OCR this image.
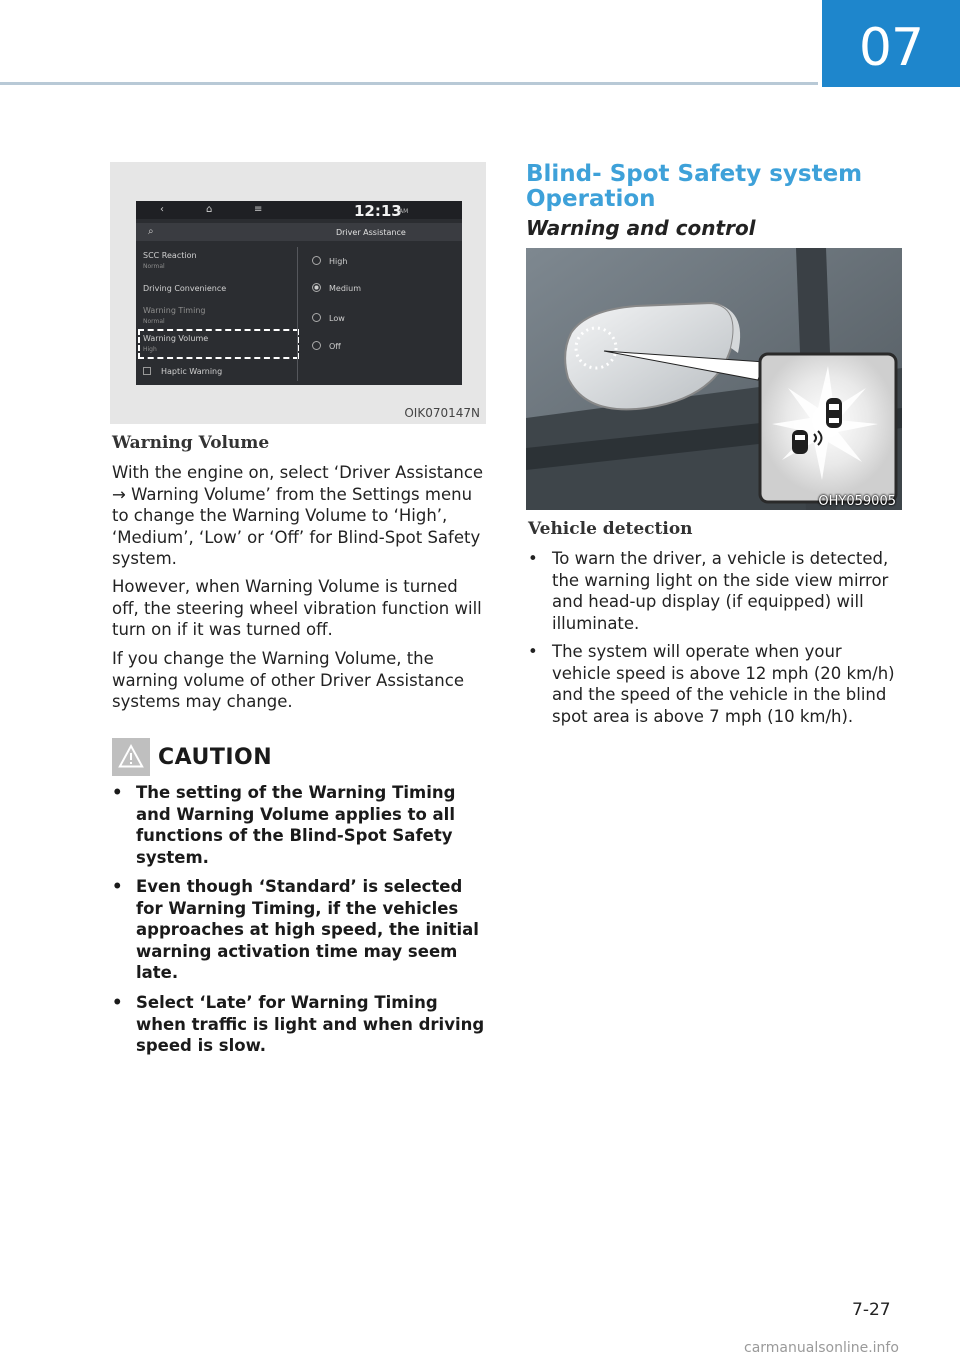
07
‹	⌂	≡	12:13
AM
⌕	Driver Assistance
SCC Reaction
Normal
Driving Convenience
Warning Timing
Normal
Warning Volume
High
Haptic Warning
High
Medium
Low
Off
OIK070147N
Warning Volume

With the engine on, select ‘Driver Assistance → Warning Volume’ from the Settings menu to change the Warning Volume to ‘High’, ‘Medium’, ‘Low’ or ‘Off’ for Blind-Spot Safety system.

However, when Warning Volume is turned off, the steering wheel vibration function will turn on if it was turned off.

If you change the Warning Volume, the warning volume of other Driver Assistance systems may change.

CAUTION
• The setting of the Warning Timing and Warning Volume applies to all functions of the Blind-Spot Safety system.
• Even though ‘Standard’ is selected for Warning Timing, if the vehicles approaches at high speed, the initial warning activation time may seem late.
• Select ‘Late’ for Warning Timing when traffic is light and when driving speed is slow.
Blind- Spot Safety system Operation
Warning and control
OHY059005
Vehicle detection
• To warn the driver, a vehicle is detected, the warning light on the side view mirror and head-up display (if equipped) will illuminate.
• The system will operate when your vehicle speed is above 12 mph (20 km/h) and the speed of the vehicle in the blind spot area is above 7 mph (10 km/h).
7-27
carmanualsonline.info
